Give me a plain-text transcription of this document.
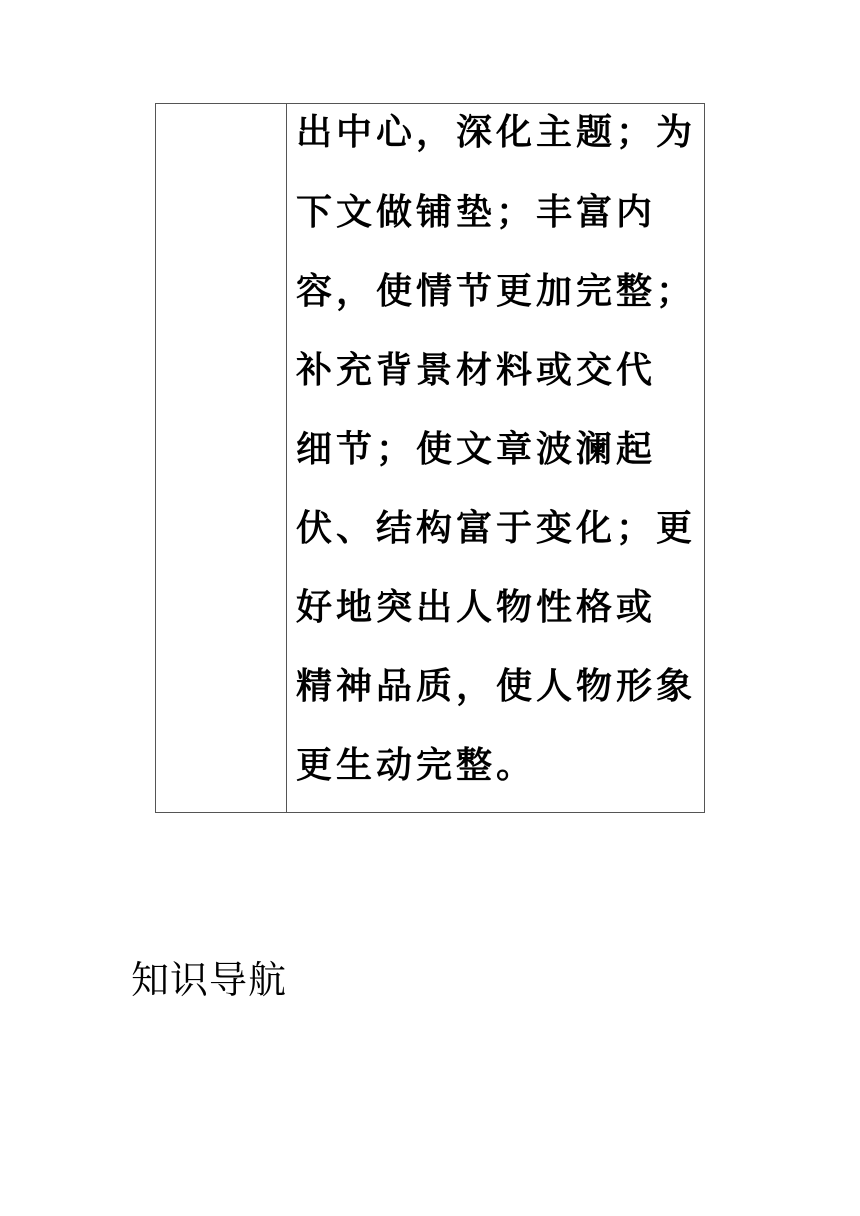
出中心，深化主题；为
下文做铺垫；丰富内
容，使情节更加完整；
补充背景材料或交代
细节；使文章波澜起
伏、结构富于变化；更
好地突出人物性格或
精神品质，使人物形象
更生动完整。
知识导航
